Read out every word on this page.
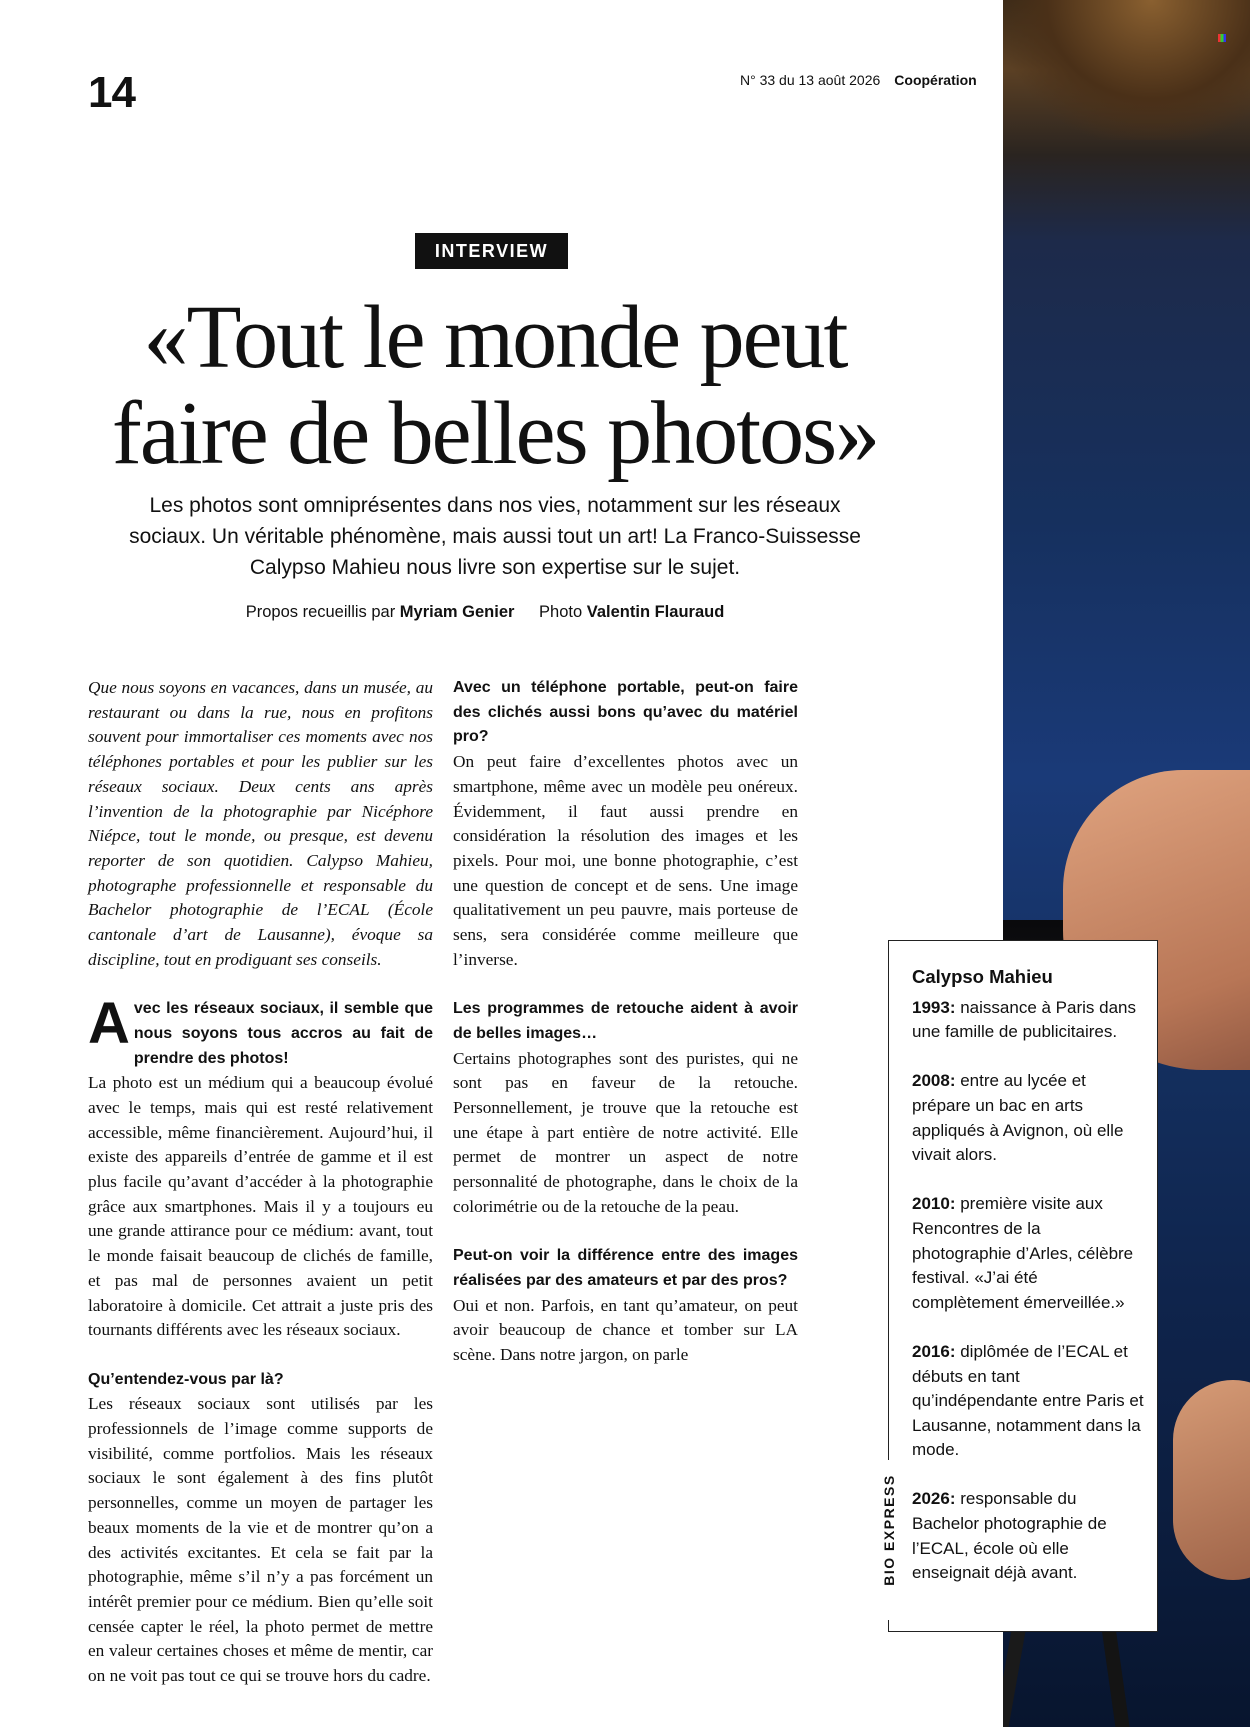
14	N° 33 du 13 août 2026 Coopération
INTERVIEW
«Tout le monde peut faire de belles photos»
Les photos sont omniprésentes dans nos vies, notamment sur les réseaux sociaux. Un véritable phénomène, mais aussi tout un art! La Franco-Suissesse Calypso Mahieu nous livre son expertise sur le sujet.
Propos recueillis par Myriam Genier Photo Valentin Flauraud

Que nous soyons en vacances, dans un musée, au restaurant ou dans la rue, nous en profitons souvent pour immortaliser ces moments avec nos téléphones portables et pour les publier sur les réseaux sociaux. Deux cents ans après l’invention de la photographie par Nicéphore Niépce, tout le monde, ou presque, est devenu reporter de son quotidien. Calypso Mahieu, photographe professionnelle et responsable du Bachelor photographie de l’ECAL (École cantonale d’art de Lausanne), évoque sa discipline, tout en prodiguant ses conseils.

Avec les réseaux sociaux, il semble que nous soyons tous accros au fait de prendre des photos!

La photo est un médium qui a beaucoup évolué avec le temps, mais qui est resté relativement accessible, même financièrement. Aujourd’hui, il existe des appareils d’entrée de gamme et il est plus facile qu’avant d’accéder à la photographie grâce aux smartphones. Mais il y a toujours eu une grande attirance pour ce médium: avant, tout le monde faisait beaucoup de clichés de famille, et pas mal de personnes avaient un petit laboratoire à domicile. Cet attrait a juste pris des tournants différents avec les réseaux sociaux.

Qu’entendez-vous par là?

Les réseaux sociaux sont utilisés par les professionnels de l’image comme supports de visibilité, comme portfolios. Mais les réseaux sociaux le sont également à des fins plutôt personnelles, comme un moyen de partager les beaux moments de la vie et de montrer qu’on a des activités excitantes. Et cela se fait par la photographie, même s’il n’y a pas forcément un intérêt premier pour ce médium. Bien qu’elle soit censée capter le réel, la photo permet de mettre en valeur certaines choses et même de mentir, car on ne voit pas tout ce qui se trouve hors du cadre.

Avec un téléphone portable, peut-on faire des clichés aussi bons qu’avec du matériel pro?

On peut faire d’excellentes photos avec un smartphone, même avec un modèle peu onéreux. Évidemment, il faut aussi prendre en considération la résolution des images et les pixels. Pour moi, une bonne photographie, c’est une question de concept et de sens. Une image qualitativement un peu pauvre, mais porteuse de sens, sera considérée comme meilleure que l’inverse.

Les programmes de retouche aident à avoir de belles images…

Certains photographes sont des puristes, qui ne sont pas en faveur de la retouche. Personnellement, je trouve que la retouche est une étape à part entière de notre activité. Elle permet de montrer un aspect de notre personnalité de photographe, dans le choix de la colorimétrie ou de la retouche de la peau.

Peut-on voir la différence entre des images réalisées par des amateurs et par des pros?

Oui et non. Parfois, en tant qu’amateur, on peut avoir beaucoup de chance et tomber sur LA scène. Dans notre jargon, on parle

Calypso Mahieu
1993: naissance à Paris dans une famille de publicitaires.
2008: entre au lycée et prépare un bac en arts appliqués à Avignon, où elle vivait alors.
2010: première visite aux Rencontres de la photographie d’Arles, célèbre festival. «J’ai été complètement émerveillée.»
2016: diplômée de l’ECAL et débuts en tant qu’indépendante entre Paris et Lausanne, notamment dans la mode.
2026: responsable du Bachelor photographie de l’ECAL, école où elle enseignait déjà avant.
BIO EXPRESS
